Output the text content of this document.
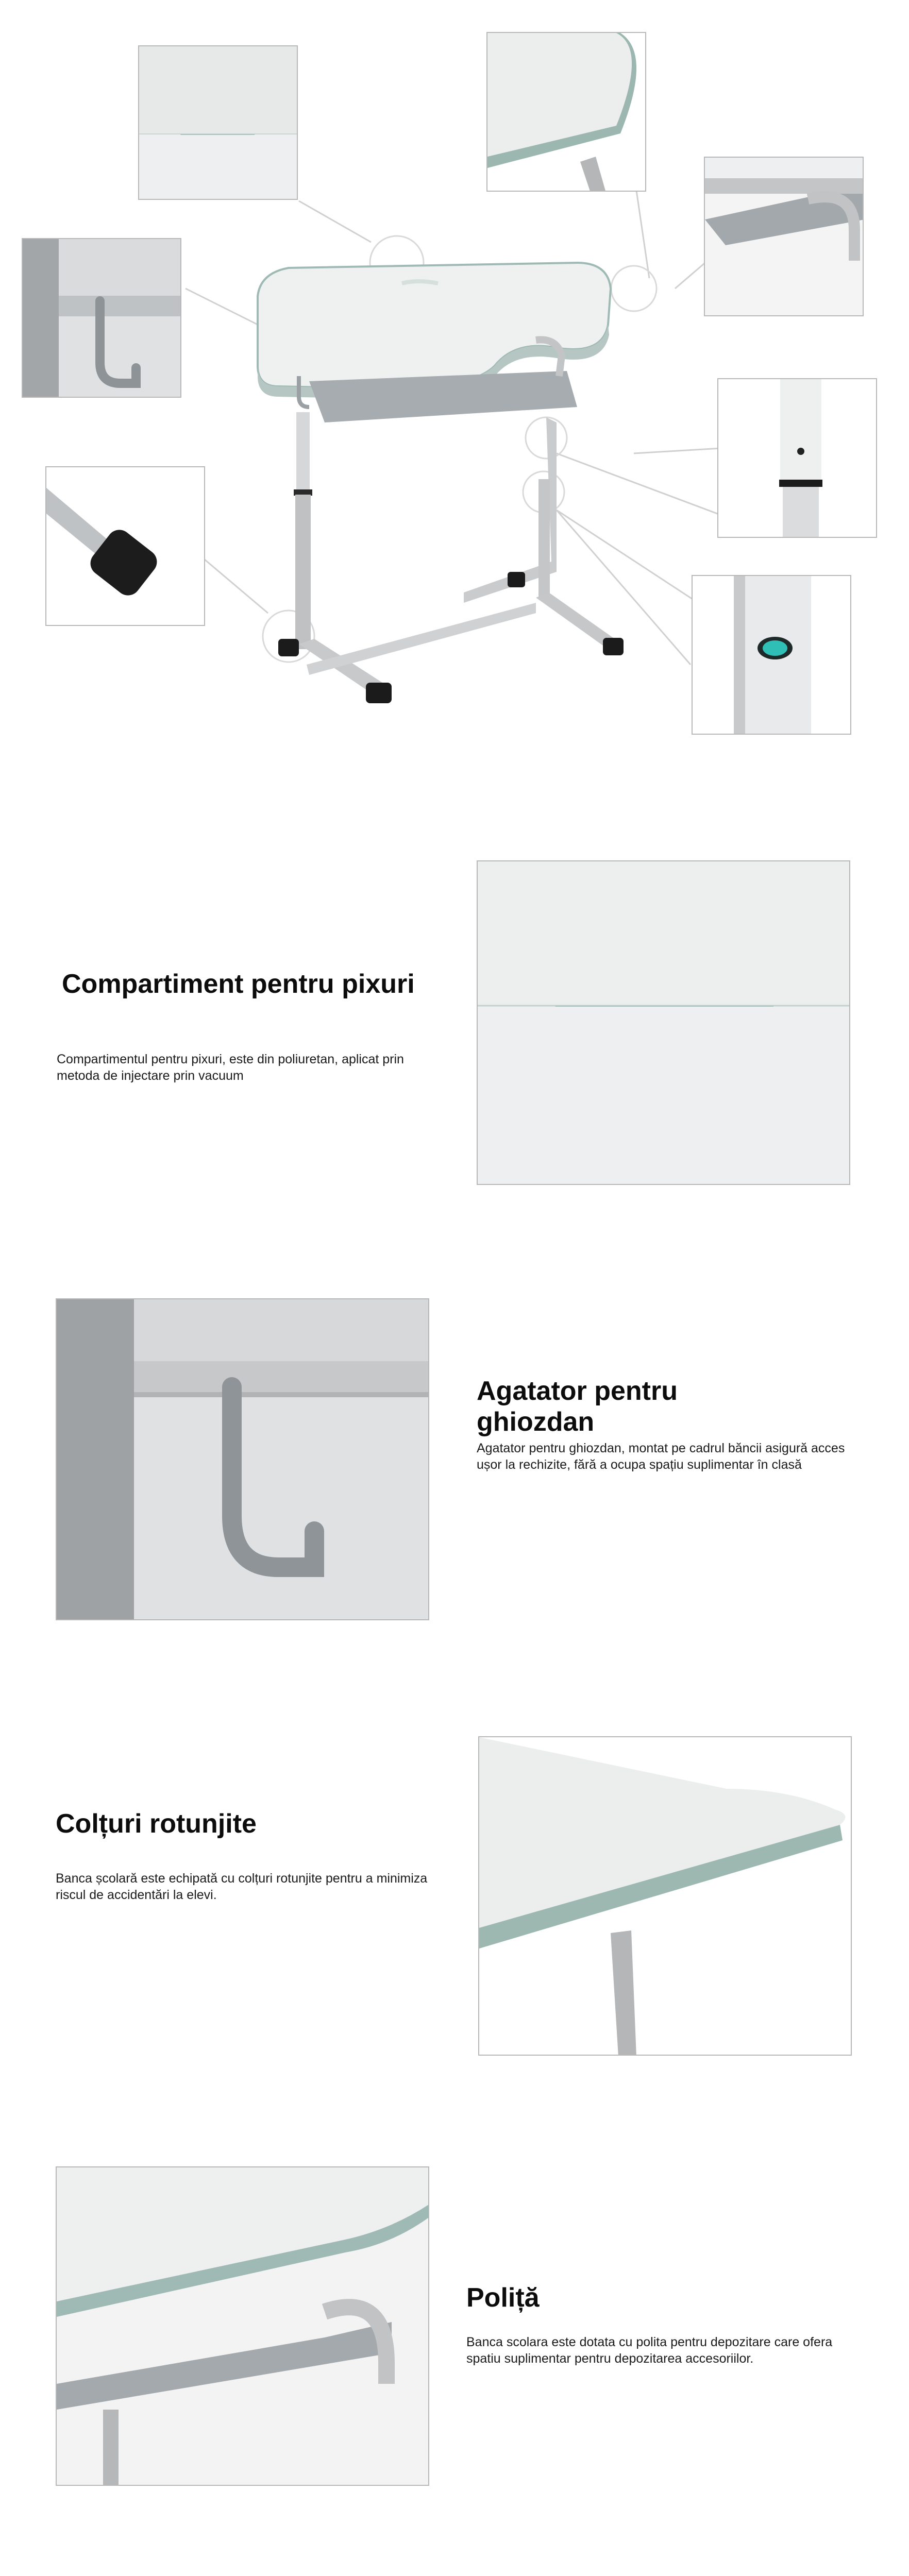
Compartiment pentru pixuri

Compartimentul pentru pixuri, este din poliuretan, aplicat prin metoda de injectare prin vacuum

Agatator pentru ghiozdan

Agatator pentru ghiozdan, montat pe cadrul băncii asigură acces ușor la rechizite, fără a ocupa spațiu suplimentar în clasă

Colțuri rotunjite

Banca școlară este echipată cu colțuri rotunjite pentru a minimiza riscul de accidentări la elevi.

Poliță

Banca scolara este dotata cu polita pentru depozitare care ofera spatiu suplimentar pentru depozitarea accesoriilor.
